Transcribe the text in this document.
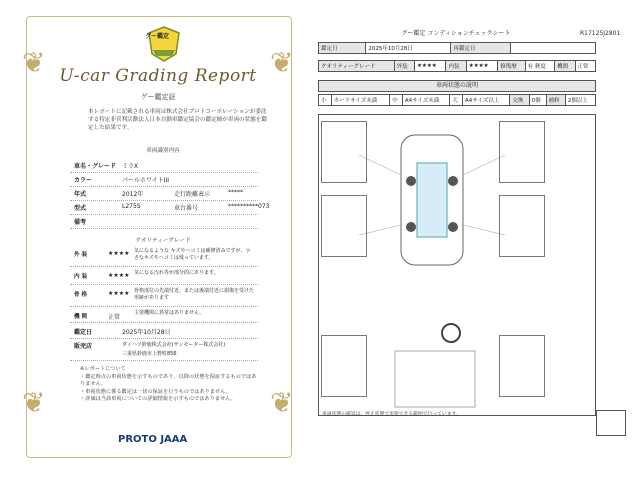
❦	❦
❦	❦
グー鑑定
U-car Grading Report
グー鑑定証
本レポートに記載される車両は株式会社プロトコーポレーションが委託する特定非営利活動法人日本自動車鑑定協会の鑑定師が車両の状態を鑑定した結果です。
車両識別内容
車名・グレード ミラX
カラー	パールホワイトIII
年式	2012年	走行距離表示	*****
型式	L275S	車台番号	**********073
備考
クオリティーグレード
外 装	★★★★ 気になるような キズやヘコミは補修済みですが、小さなキズやヘコミは残っています。
内 装	★★★★ 気になる汚れ等が部分的にあります。
骨 格	★★★★ 骨格部位の先端付近、または後端付近に損傷を受けた形跡があります
機 関	正常
主要機関に異常はありません。
鑑定日	2025年10月28日
販売店	ダイハツ鈴鹿株式会社(サンモーター株式会社)
三重県鈴鹿市上野町856
※レポートについて
・鑑定時点の車両状態を示すものであり、以降の状態を保証するものではありません。
・車両状態に係る鑑定は一切の保証を行うものではありません。
・評価は当該車両についての詳細情報を示すものではありません。
PROTO JAAA
グー鑑定 コンディションチェックシート	R17125J2801
鑑定日	2025年10月28日	再鑑定日	
クオリティーグレード	外装	★★★★	内装	★★★★	修復歴	有 軽度	機関	正常
車両状態の説明
小	カードサイズ未満	中	A4サイズ未満	大	A4サイズ以上	交換	0個	補修	2個以上
車両状態の確認は、停止状態で実施できる範囲で行っています。
